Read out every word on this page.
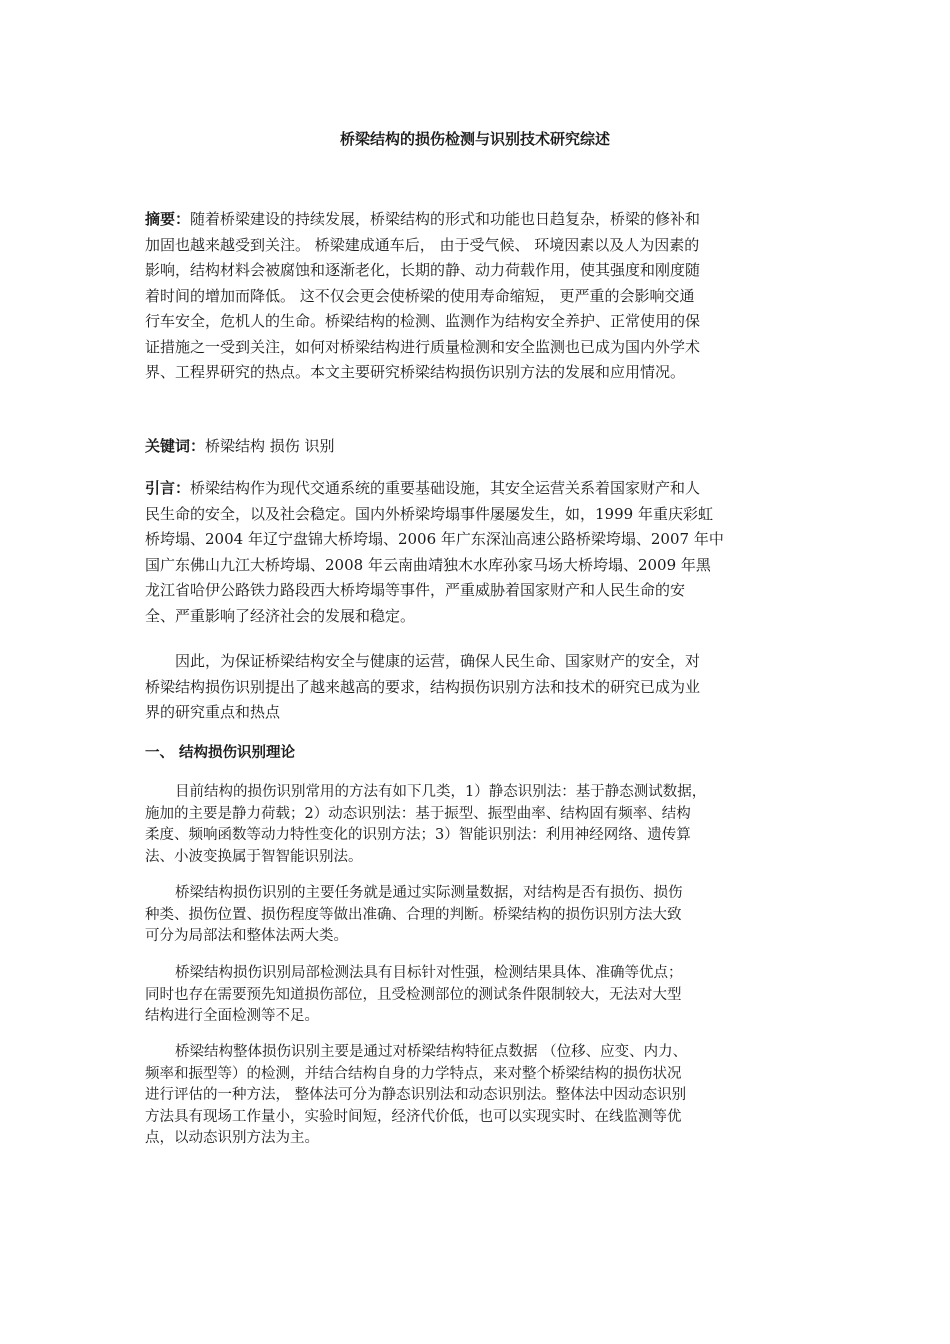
桥梁结构的损伤检测与识别技术研究综述
摘要：随着桥梁建设的持续发展，桥梁结构的形式和功能也日趋复杂，桥梁的修补和
加固也越来越受到关注。 桥梁建成通车后， 由于受气候、 环境因素以及人为因素的
影响，结构材料会被腐蚀和逐渐老化，长期的静、动力荷载作用，使其强度和刚度随
着时间的增加而降低。 这不仅会更会使桥梁的使用寿命缩短， 更严重的会影响交通
行车安全，危机人的生命。桥梁结构的检测、监测作为结构安全养护、正常使用的保
证措施之一受到关注，如何对桥梁结构进行质量检测和安全监测也已成为国内外学术
界、工程界研究的热点。本文主要研究桥梁结构损伤识别方法的发展和应用情况。
关键词：桥梁结构 损伤 识别
引言：桥梁结构作为现代交通系统的重要基础设施，其安全运营关系着国家财产和人
民生命的安全，以及社会稳定。国内外桥梁垮塌事件屡屡发生，如，1999 年重庆彩虹
桥垮塌、2004 年辽宁盘锦大桥垮塌、2006 年广东深汕高速公路桥梁垮塌、2007 年中
国广东佛山九江大桥垮塌、2008 年云南曲靖独木水库孙家马场大桥垮塌、2009 年黑
龙江省哈伊公路铁力路段西大桥垮塌等事件，严重威胁着国家财产和人民生命的安
全、严重影响了经济社会的发展和稳定。
因此，为保证桥梁结构安全与健康的运营，确保人民生命、国家财产的安全，对
桥梁结构损伤识别提出了越来越高的要求，结构损伤识别方法和技术的研究已成为业
界的研究重点和热点
一、 结构损伤识别理论
目前结构的损伤识别常用的方法有如下几类，1）静态识别法：基于静态测试数据，
施加的主要是静力荷载；2）动态识别法：基于振型、振型曲率、结构固有频率、结构
柔度、频响函数等动力特性变化的识别方法；3）智能识别法：利用神经网络、遗传算
法、小波变换属于智智能识别法。
桥梁结构损伤识别的主要任务就是通过实际测量数据，对结构是否有损伤、损伤
种类、损伤位置、损伤程度等做出准确、合理的判断。桥梁结构的损伤识别方法大致
可分为局部法和整体法两大类。
桥梁结构损伤识别局部检测法具有目标针对性强，检测结果具体、准确等优点；
同时也存在需要预先知道损伤部位，且受检测部位的测试条件限制较大，无法对大型
结构进行全面检测等不足。
桥梁结构整体损伤识别主要是通过对桥梁结构特征点数据 （位移、应变、内力、
频率和振型等）的检测，并结合结构自身的力学特点，来对整个桥梁结构的损伤状况
进行评估的一种方法， 整体法可分为静态识别法和动态识别法。整体法中因动态识别
方法具有现场工作量小，实验时间短，经济代价低，也可以实现实时、在线监测等优
点，以动态识别方法为主。
